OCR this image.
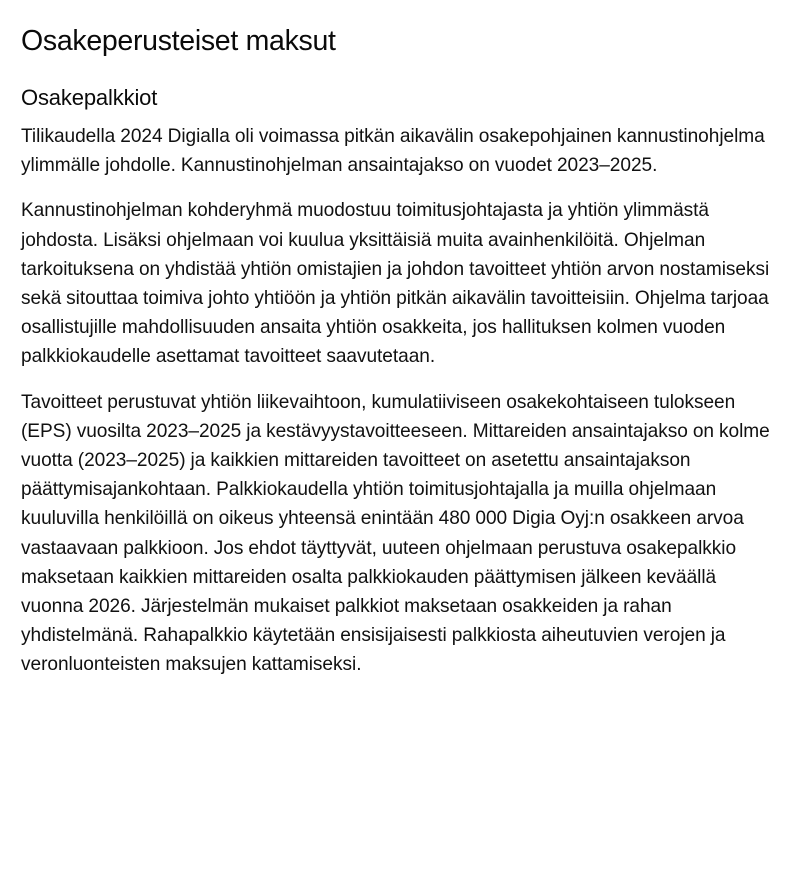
Osakeperusteiset maksut
Osakepalkkiot

Tilikaudella 2024 Digialla oli voimassa pitkän aikavälin osakepohjainen kannustinohjelma ylimmälle johdolle. Kannustinohjelman ansaintajakso on vuodet 2023–2025.

Kannustinohjelman kohderyhmä muodostuu toimitusjohtajasta ja yhtiön ylimmästä johdosta. Lisäksi ohjelmaan voi kuulua yksittäisiä muita avainhenkilöitä. Ohjelman tarkoituksena on yhdistää yhtiön omistajien ja johdon tavoitteet yhtiön arvon nostamiseksi sekä sitouttaa toimiva johto yhtiöön ja yhtiön pitkän aikavälin tavoitteisiin. Ohjelma tarjoaa osallistujille mahdollisuuden ansaita yhtiön osakkeita, jos hallituksen kolmen vuoden palkkiokaudelle asettamat tavoitteet saavutetaan.

Tavoitteet perustuvat yhtiön liikevaihtoon, kumulatiiviseen osakekohtaiseen tulokseen (EPS) vuosilta 2023–2025 ja kestävyystavoitteeseen. Mittareiden ansaintajakso on kolme vuotta (2023–2025) ja kaikkien mittareiden tavoitteet on asetettu ansaintajakson päättymisajankohtaan. Palkkiokaudella yhtiön toimitusjohtajalla ja muilla ohjelmaan kuuluvilla henkilöillä on oikeus yhteensä enintään 480 000 Digia Oyj:n osakkeen arvoa vastaavaan palkkioon. Jos ehdot täyttyvät, uuteen ohjelmaan perustuva osakepalkkio maksetaan kaikkien mittareiden osalta palkkiokauden päättymisen jälkeen keväällä vuonna 2026. Järjestelmän mukaiset palkkiot maksetaan osakkeiden ja rahan yhdistelmänä. Rahapalkkio käytetään ensisijaisesti palkkiosta aiheutuvien verojen ja veronluonteisten maksujen kattamiseksi.
